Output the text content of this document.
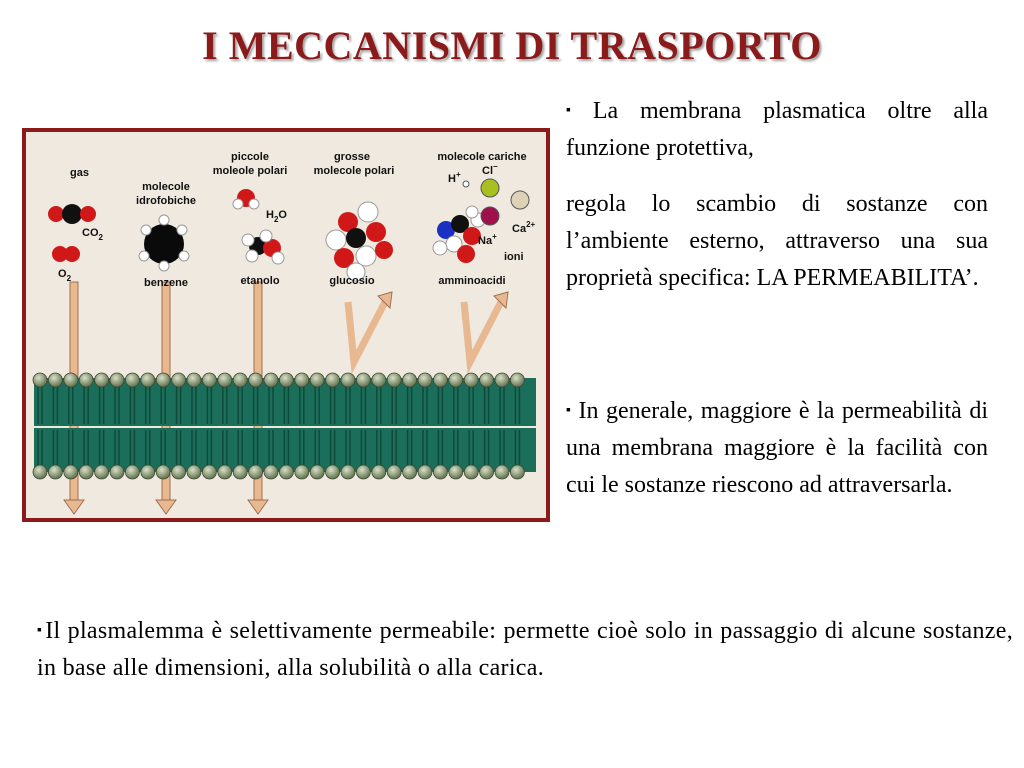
I MECCANISMI DI TRASPORTO
gas
$CO_2$
$O_2$
molecole
idrofobiche
benzene
piccole
moleole polari
$H_2O$
etanolo
grosse
molecole polari
glucosio
molecole cariche
H+ Cl−
Na+
$Ca^{2+}$
ioni
amminoacidi
▪ La membrana plasmatica oltre alla funzione protettiva,
regola lo scambio di sostanze con l’ambiente esterno, attraverso una sua proprietà specifica: LA PERMEABILITA’.
▪ In generale, maggiore è la permeabilità di una membrana maggiore è la facilità con cui le sostanze riescono ad attraversarla.
▪Il plasmalemma è selettivamente permeabile: permette cioè solo in passaggio di alcune sostanze, in base alle dimensioni, alla solubilità o alla carica.
